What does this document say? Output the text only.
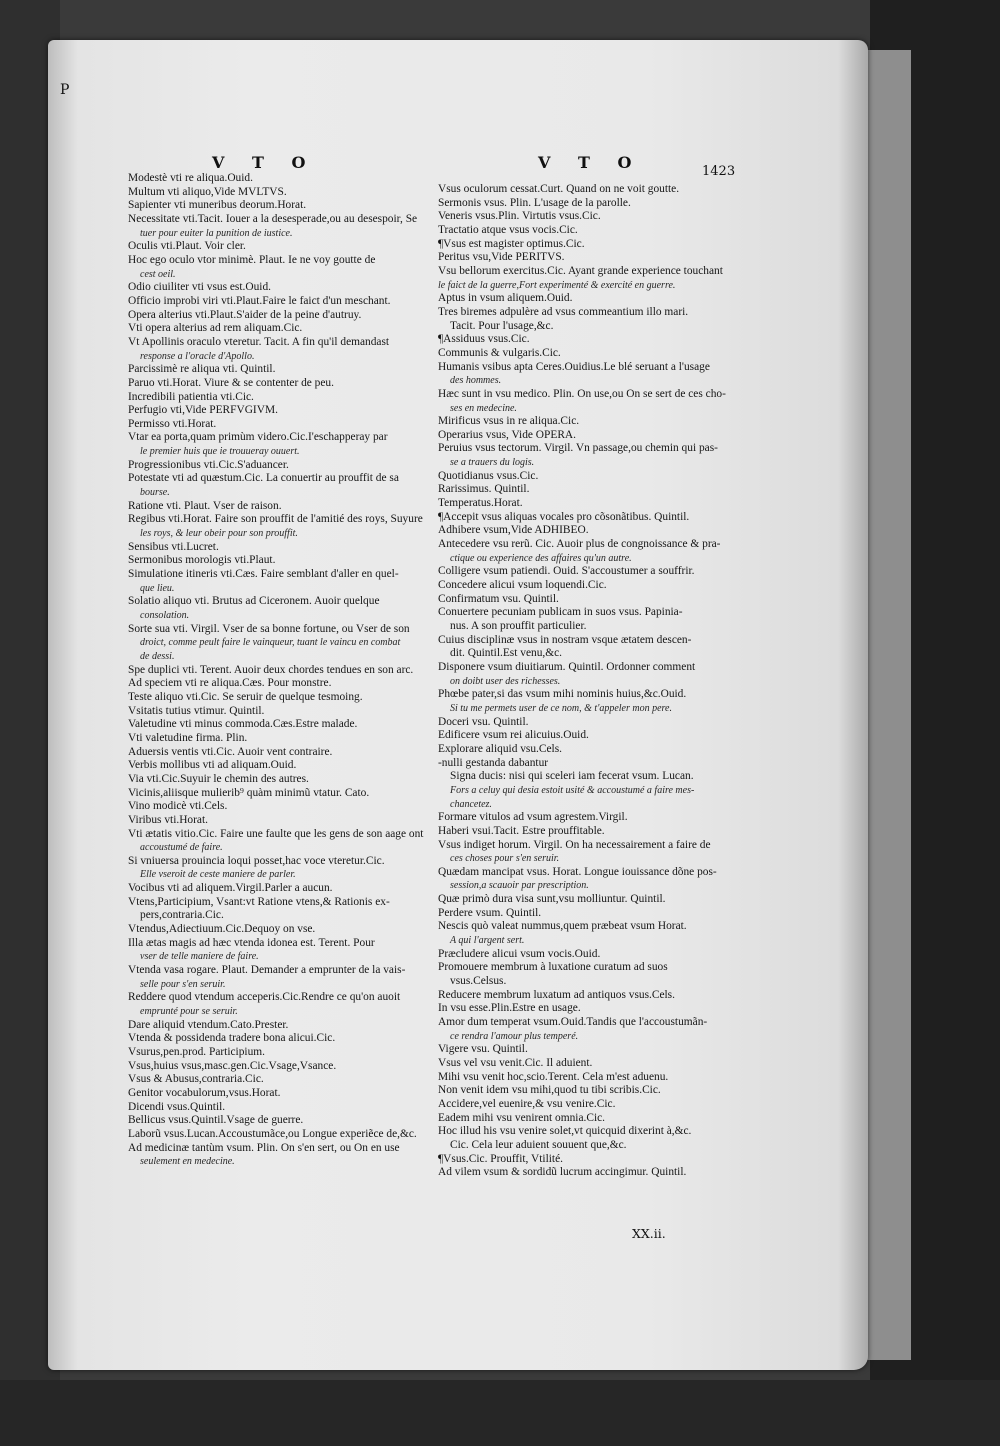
P
V T O	V T O	1423
Modestè vti re aliqua.Ouid.
Multum vti aliquo,Vide MVLTVS.
Sapienter vti muneribus deorum.Horat.
Necessitate vti.Tacit. Iouer a la desesperade,ou au desespoir, Se
tuer pour euiter la punition de iustice.
Oculis vti.Plaut. Voir cler.
Hoc ego oculo vtor minimè. Plaut. Ie ne voy goutte de
cest oeil.
Odio ciuiliter vti vsus est.Ouid.
Officio improbi viri vti.Plaut.Faire le faict d'un meschant.
Opera alterius vti.Plaut.S'aider de la peine d'autruy.
Vti opera alterius ad rem aliquam.Cic.
Vt Apollinis oraculo vteretur. Tacit. A fin qu'il demandast
response a l'oracle d'Apollo.
Parcissimè re aliqua vti. Quintil.
Paruo vti.Horat. Viure & se contenter de peu.
Incredibili patientia vti.Cic.
Perfugio vti,Vide PERFVGIVM.
Permisso vti.Horat.
Vtar ea porta,quam primùm videro.Cic.I'eschapperay par
le premier huis que ie trouueray ouuert.
Progressionibus vti.Cic.S'aduancer.
Potestate vti ad quæstum.Cic. La conuertir au prouffit de sa
bourse.
Ratione vti. Plaut. Vser de raison.
Regibus vti.Horat. Faire son prouffit de l'amitié des roys, Suyure
les roys, & leur obeir pour son prouffit.
Sensibus vti.Lucret.
Sermonibus morologis vti.Plaut.
Simulatione itineris vti.Cæs. Faire semblant d'aller en quel-
que lieu.
Solatio aliquo vti. Brutus ad Ciceronem. Auoir quelque
consolation.
Sorte sua vti. Virgil. Vser de sa bonne fortune, ou Vser de son
droict, comme peult faire le vainqueur, tuant le vaincu en combat
de dessi.
Spe duplici vti. Terent. Auoir deux chordes tendues en son arc.
Ad speciem vti re aliqua.Cæs. Pour monstre.
Teste aliquo vti.Cic. Se seruir de quelque tesmoing.
Vsitatis tutius vtimur. Quintil.
Valetudine vti minus commoda.Cæs.Estre malade.
Vti valetudine firma. Plin.
Aduersis ventis vti.Cic. Auoir vent contraire.
Verbis mollibus vti ad aliquam.Ouid.
Via vti.Cic.Suyuir le chemin des autres.
Vicinis,aliisque mulierib⁹ quàm minimũ vtatur. Cato.
Vino modicè vti.Cels.
Viribus vti.Horat.
Vti ætatis vitio.Cic. Faire une faulte que les gens de son aage ont
accoustumé de faire.
Si vniuersa prouincia loqui posset,hac voce vteretur.Cic.
Elle vseroit de ceste maniere de parler.
Vocibus vti ad aliquem.Virgil.Parler a aucun.
Vtens,Participium, Vsant:vt Ratione vtens,& Rationis ex-
pers,contraria.Cic.
Vtendus,Adiectiuum.Cic.Dequoy on vse.
Illa ætas magis ad hæc vtenda idonea est. Terent. Pour
vser de telle maniere de faire.
Vtenda vasa rogare. Plaut. Demander a emprunter de la vais-
selle pour s'en seruir.
Reddere quod vtendum acceperis.Cic.Rendre ce qu'on auoit
emprunté pour se seruir.
Dare aliquid vtendum.Cato.Prester.
Vtenda & possidenda tradere bona alicui.Cic.
Vsurus,pen.prod. Participium.
Vsus,huius vsus,masc.gen.Cic.Vsage,Vsance.
Vsus & Abusus,contraria.Cic.
Genitor vocabulorum,vsus.Horat.
Dicendi vsus.Quintil.
Bellicus vsus.Quintil.Vsage de guerre.
Laborũ vsus.Lucan.Accoustumãce,ou Longue experiẽce de,&c.
Ad medicinæ tantùm vsum. Plin. On s'en sert, ou On en use
seulement en medecine.
Vsus oculorum cessat.Curt. Quand on ne voit goutte.
Sermonis vsus. Plin. L'usage de la parolle.
Veneris vsus.Plin. Virtutis vsus.Cic.
Tractatio atque vsus vocis.Cic.
¶Vsus est magister optimus.Cic.
Peritus vsu,Vide PERITVS.
Vsu bellorum exercitus.Cic. Ayant grande experience touchant
le faict de la guerre,Fort experimenté & exercité en guerre.
Aptus in vsum aliquem.Ouid.
Tres biremes adpulère ad vsus commeantium illo mari.
Tacit. Pour l'usage,&c.
¶Assiduus vsus.Cic.
Communis & vulgaris.Cic.
Humanis vsibus apta Ceres.Ouidius.Le blé seruant a l'usage
des hommes.
Hæc sunt in vsu medico. Plin. On use,ou On se sert de ces cho-
ses en medecine.
Mirificus vsus in re aliqua.Cic.
Operarius vsus, Vide OPERA.
Peruius vsus tectorum. Virgil. Vn passage,ou chemin qui pas-
se a trauers du logis.
Quotidianus vsus.Cic.
Rarissimus. Quintil.
Temperatus.Horat.
¶Accepit vsus aliquas vocales pro cõsonãtibus. Quintil.
Adhibere vsum,Vide ADHIBEO.
Antecedere vsu rerũ. Cic. Auoir plus de congnoissance & pra-
ctique ou experience des affaires qu'un autre.
Colligere vsum patiendi. Ouid. S'accoustumer a souffrir.
Concedere alicui vsum loquendi.Cic.
Confirmatum vsu. Quintil.
Conuertere pecuniam publicam in suos vsus. Papinia-
nus. A son prouffit particulier.
Cuius disciplinæ vsus in nostram vsque ætatem descen-
dit. Quintil.Est venu,&c.
Disponere vsum diuitiarum. Quintil. Ordonner comment
on doibt user des richesses.
Phœbe pater,si das vsum mihi nominis huius,&c.Ouid.
Si tu me permets user de ce nom, & t'appeler mon pere.
Doceri vsu. Quintil.
Edificere vsum rei alicuius.Ouid.
Explorare aliquid vsu.Cels.
-nulli gestanda dabantur
Signa ducis: nisi qui sceleri iam fecerat vsum. Lucan.
Fors a celuy qui desia estoit usité & accoustumé a faire mes-
chancetez.
Formare vitulos ad vsum agrestem.Virgil.
Haberi vsui.Tacit. Estre prouffitable.
Vsus indiget horum. Virgil. On ha necessairement a faire de
ces choses pour s'en seruir.
Quædam mancipat vsus. Horat. Longue iouissance dõne pos-
session,a scauoir par prescription.
Quæ primò dura visa sunt,vsu molliuntur. Quintil.
Perdere vsum. Quintil.
Nescis quò valeat nummus,quem præbeat vsum Horat.
A qui l'argent sert.
Præcludere alicui vsum vocis.Ouid.
Promouere membrum à luxatione curatum ad suos
vsus.Celsus.
Reducere membrum luxatum ad antiquos vsus.Cels.
In vsu esse.Plin.Estre en usage.
Amor dum temperat vsum.Ouid.Tandis que l'accoustumãn-
ce rendra l'amour plus temperé.
Vigere vsu. Quintil.
Vsus vel vsu venit.Cic. Il aduient.
Mihi vsu venit hoc,scio.Terent. Cela m'est aduenu.
Non venit idem vsu mihi,quod tu tibi scribis.Cic.
Accidere,vel euenire,& vsu venire.Cic.
Eadem mihi vsu venirent omnia.Cic.
Hoc illud his vsu venire solet,vt quicquid dixerint à,&c.
Cic. Cela leur aduient souuent que,&c.
¶Vsus.Cic. Prouffit, Vtilité.
Ad vilem vsum & sordidũ lucrum accingimur. Quintil.
XX.ii.
